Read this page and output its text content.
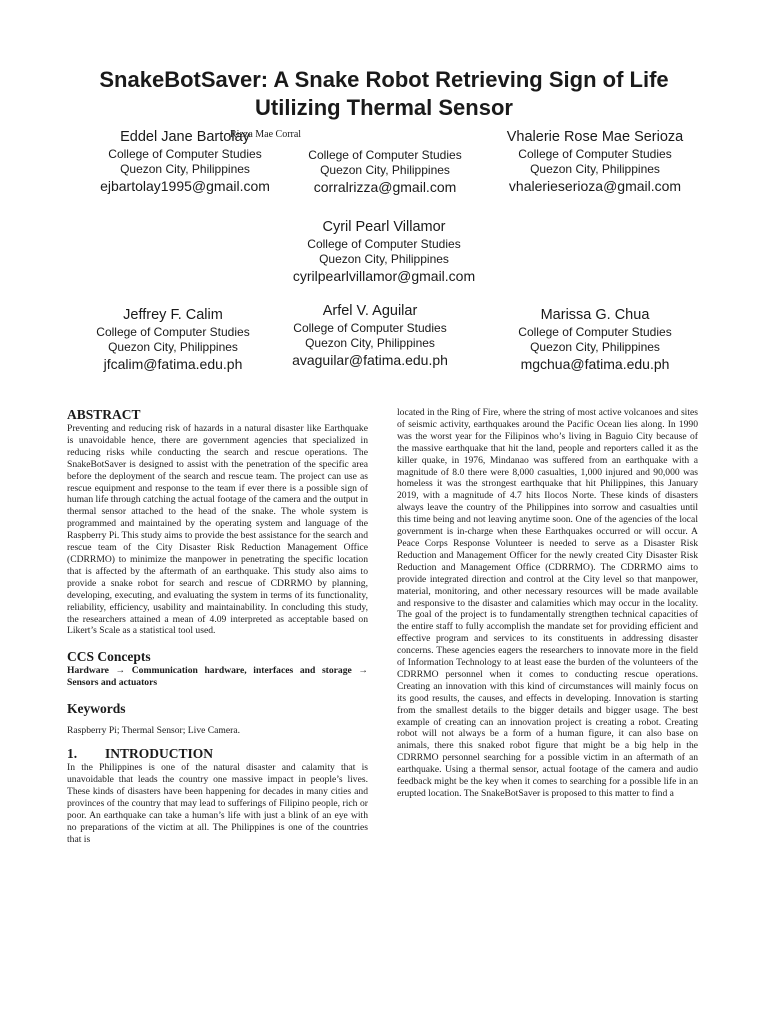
SnakeBotSaver: A Snake Robot Retrieving Sign of Life
Utilizing Thermal Sensor
Eddel Jane Bartolay
College of Computer Studies
Quezon City, Philippines
ejbartolay1995@gmail.com
Rizza Mae Corral
College of Computer Studies
Quezon City, Philippines
corralrizza@gmail.com
Vhalerie Rose Mae Serioza
College of Computer Studies
Quezon City, Philippines
vhalerieserioza@gmail.com
Cyril Pearl Villamor
College of Computer Studies
Quezon City, Philippines
cyrilpearlvillamor@gmail.com
Jeffrey F. Calim
College of Computer Studies
Quezon City, Philippines
jfcalim@fatima.edu.ph
Arfel V. Aguilar
College of Computer Studies
Quezon City, Philippines
avaguilar@fatima.edu.ph
Marissa G. Chua
College of Computer Studies
Quezon City, Philippines
mgchua@fatima.edu.ph
ABSTRACT

Preventing and reducing risk of hazards in a natural disaster like Earthquake is unavoidable hence, there are government agencies that specialized in reducing risks while conducting the search and rescue operations. The SnakeBotSaver is designed to assist with the penetration of the specific area before the deployment of the search and rescue team. The project can use as rescue equipment and response to the team if ever there is a possible sign of human life through catching the actual footage of the camera and the output in thermal sensor attached to the head of the snake. The whole system is programmed and maintained by the operating system and language of the Raspberry Pi. This study aims to provide the best assistance for the search and rescue team of the City Disaster Risk Reduction Management Office (CDRRMO) to minimize the manpower in penetrating the specific location that is affected by the aftermath of an earthquake. This study also aims to provide a snake robot for search and rescue of CDRRMO by planning, developing, executing, and evaluating the system in terms of its functionality, reliability, efficiency, usability and maintainability. In concluding this study, the researchers attained a mean of 4.09 interpreted as acceptable based on Likert’s Scale as a statistical tool used.

CCS Concepts

Hardware → Communication hardware, interfaces and storage → Sensors and actuators

Keywords

Raspberry Pi; Thermal Sensor; Live Camera.

1. INTRODUCTION

In the Philippines is one of the natural disaster and calamity that is unavoidable that leads the country one massive impact in people’s lives. These kinds of disasters have been happening for decades in many cities and provinces of the country that may lead to sufferings of Filipino people, rich or poor. An earthquake can take a human’s life with just a blink of an eye with no preparations of the victim at all. The Philippines is one of the countries that is

located in the Ring of Fire, where the string of most active volcanoes and sites of seismic activity, earthquakes around the Pacific Ocean lies along. In 1990 was the worst year for the Filipinos who’s living in Baguio City because of the massive earthquake that hit the land, people and reporters called it as the killer quake, in 1976, Mindanao was suffered from an earthquake with a magnitude of 8.0 there were 8,000 casualties, 1,000 injured and 90,000 was homeless it was the strongest earthquake that hit Philippines, this January 2019, with a magnitude of 4.7 hits Ilocos Norte. These kinds of disasters always leave the country of the Philippines into sorrow and casualties until this time being and not leaving anytime soon. One of the agencies of the local government is in-charge when these Earthquakes occurred or will occur. A Peace Corps Response Volunteer is needed to serve as a Disaster Risk Reduction and Management Officer for the newly created City Disaster Risk Reduction and Management Office (CDRRMO). The CDRRMO aims to provide integrated direction and control at the City level so that manpower, material, monitoring, and other necessary resources will be made available and responsive to the disaster and calamities which may occur in the locality. The goal of the project is to fundamentally strengthen technical capacities of the entire staff to fully accomplish the mandate set for providing efficient and effective program and services to its constituents in addressing disaster concerns. These agencies eagers the researchers to innovate more in the field of Information Technology to at least ease the burden of the volunteers of the CDRRMO personnel when it comes to conducting rescue operations. Creating an innovation with this kind of circumstances will mainly focus on its good results, the causes, and effects in developing. Innovation is starting from the smallest details to the bigger details and bigger usage. The best example of creating can an innovation project is creating a robot. Creating robot will not always be a form of a human figure, it can also base on animals, there this snaked robot figure that might be a big help in the CDRRMO personnel searching for a possible victim in an aftermath of an earthquake. Using a thermal sensor, actual footage of the camera and audio feedback might be the key when it comes to searching for a possible life in an erupted location. The SnakeBotSaver is proposed to this matter to find a
